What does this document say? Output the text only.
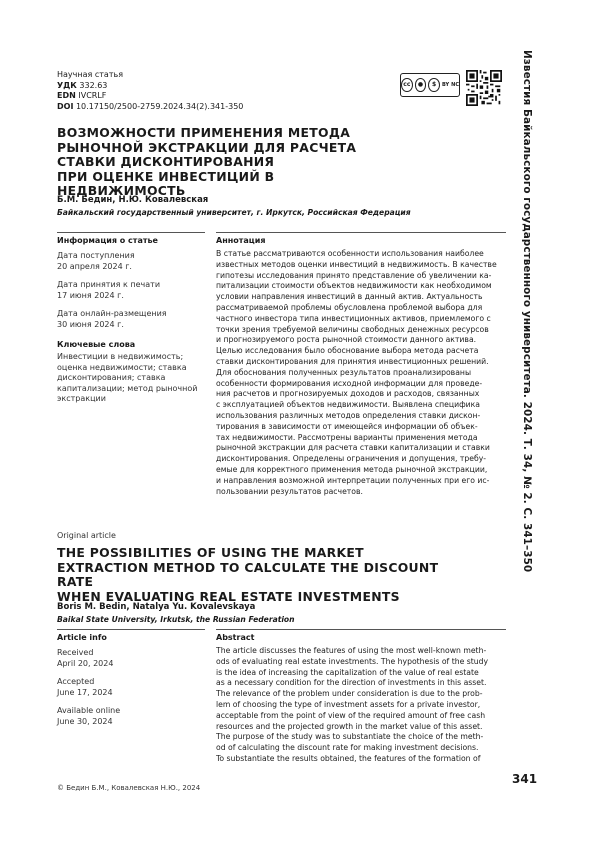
Научная статья
УДК 332.63
EDN IVCRLF
DOI 10.17150/2500-2759.2024.34(2).341-350
cc	●	$	BY NC	Известия Байкальского государственного университета. 2024. Т. 34, № 2. С. 341–350
ВОЗМОЖНОСТИ ПРИМЕНЕНИЯ МЕТОДА
РЫНОЧНОЙ ЭКСТРАКЦИИ ДЛЯ РАСЧЕТА
СТАВКИ ДИСКОНТИРОВАНИЯ
ПРИ ОЦЕНКЕ ИНВЕСТИЦИЙ В НЕДВИЖИМОСТЬ
Б.М. Бедин, Н.Ю. Ковалевская
Байкальский государственный университет, г. Иркутск, Российская Федерация
Информация о статье
Дата поступления
20 апреля 2024 г.
Дата принятия к печати
17 июня 2024 г.
Дата онлайн-размещения
30 июня 2024 г.
Ключевые слова
Инвестиции в недвижимость;
оценка недвижимости; ставка
дисконтирования; ставка
капитализации; метод рыночной
экстракции
Аннотация
В статье рассматриваются особенности использования наиболее
известных методов оценки инвестиций в недвижимость. В качестве
гипотезы исследования принято представление об увеличении ка-
питализации стоимости объектов недвижимости как необходимом
условии направления инвестиций в данный актив. Актуальность
рассматриваемой проблемы обусловлена проблемой выбора для
частного инвестора типа инвестиционных активов, приемлемого с
точки зрения требуемой величины свободных денежных ресурсов
и прогнозируемого роста рыночной стоимости данного актива.
Целью исследования было обоснование выбора метода расчета
ставки дисконтирования для принятия инвестиционных решений.
Для обоснования полученных результатов проанализированы
особенности формирования исходной информации для проведе-
ния расчетов и прогнозируемых доходов и расходов, связанных
с эксплуатацией объектов недвижимости. Выявлена специфика
использования различных методов определения ставки дискон-
тирования в зависимости от имеющейся информации об объек-
тах недвижимости. Рассмотрены варианты применения метода
рыночной экстракции для расчета ставки капитализации и ставки
дисконтирования. Определены ограничения и допущения, требу-
емые для корректного применения метода рыночной экстракции,
и направления возможной интерпретации полученных при его ис-
пользовании результатов расчетов.
Original article
THE POSSIBILITIES OF USING THE MARKET
EXTRACTION METHOD TO CALCULATE THE DISCOUNT RATE
WHEN EVALUATING REAL ESTATE INVESTMENTS
Boris M. Bedin, Natalya Yu. Kovalevskaya
Baikal State University, Irkutsk, the Russian Federation
Article info
Received
April 20, 2024
Accepted
June 17, 2024
Available online
June 30, 2024
Abstract
The article discusses the features of using the most well-known meth-
ods of evaluating real estate investments. The hypothesis of the study
is the idea of increasing the capitalization of the value of real estate
as a necessary condition for the direction of investments in this asset.
The relevance of the problem under consideration is due to the prob-
lem of choosing the type of investment assets for a private investor,
acceptable from the point of view of the required amount of free cash
resources and the projected growth in the market value of this asset.
The purpose of the study was to substantiate the choice of the meth-
od of calculating the discount rate for making investment decisions.
To substantiate the results obtained, the features of the formation of
© Бедин Б.М., Ковалевская Н.Ю., 2024
341
